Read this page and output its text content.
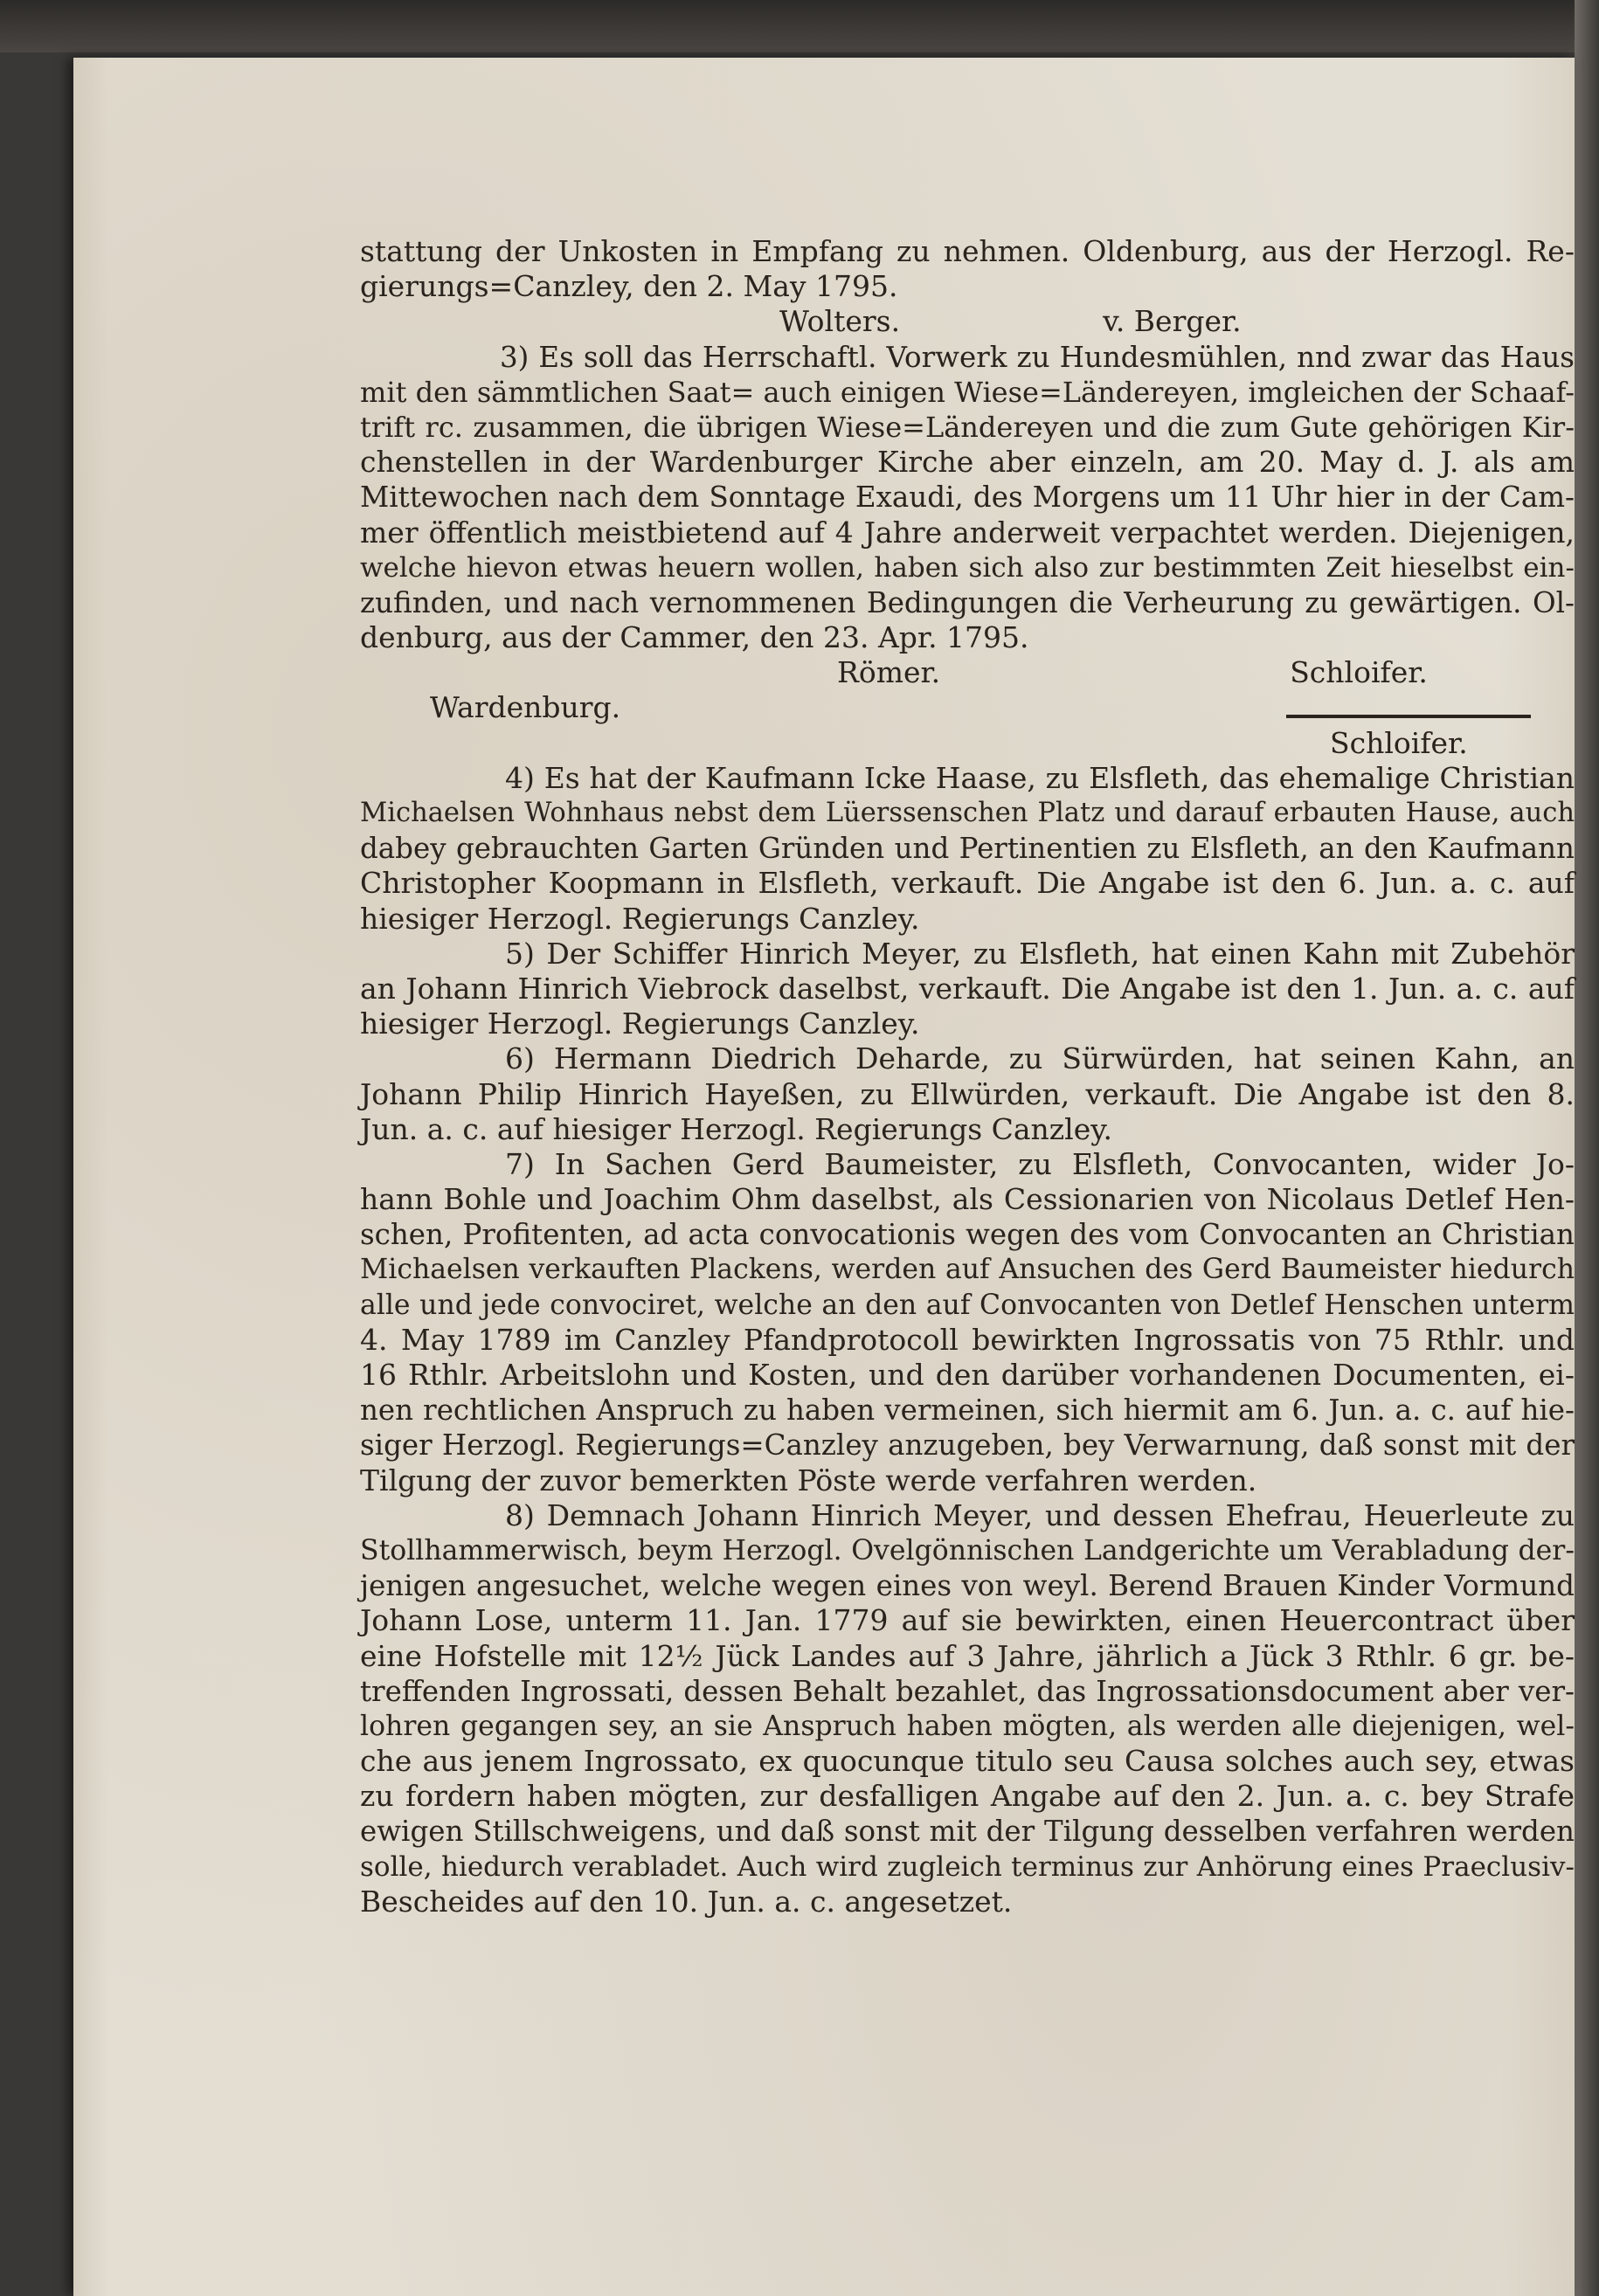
stattung der Unkosten in Empfang zu nehmen. Oldenburg, aus der Herzogl. Re-
gierungs=Canzley, den 2. May 1795.
Wolters.	v. Berger.
3) Es soll das Herrschaftl. Vorwerk zu Hundesmühlen, nnd zwar das Haus
mit den sämmtlichen Saat= auch einigen Wiese=Ländereyen, imgleichen der Schaaf-
trift rc. zusammen, die übrigen Wiese=Ländereyen und die zum Gute gehörigen Kir-
chenstellen in der Wardenburger Kirche aber einzeln, am 20. May d. J. als am
Mittewochen nach dem Sonntage Exaudi, des Morgens um 11 Uhr hier in der Cam-
mer öffentlich meistbietend auf 4 Jahre anderweit verpachtet werden. Diejenigen,
welche hievon etwas heuern wollen, haben sich also zur bestimmten Zeit hieselbst ein-
zufinden, und nach vernommenen Bedingungen die Verheurung zu gewärtigen. Ol-
denburg, aus der Cammer, den 23. Apr. 1795.
Römer.	Schloifer.
Wardenburg.
Schloifer.
4) Es hat der Kaufmann Icke Haase, zu Elsfleth, das ehemalige Christian
Michaelsen Wohnhaus nebst dem Lüerssenschen Platz und darauf erbauten Hause, auch
dabey gebrauchten Garten Gründen und Pertinentien zu Elsfleth, an den Kaufmann
Christopher Koopmann in Elsfleth, verkauft. Die Angabe ist den 6. Jun. a. c. auf
hiesiger Herzogl. Regierungs Canzley.
5) Der Schiffer Hinrich Meyer, zu Elsfleth, hat einen Kahn mit Zubehör
an Johann Hinrich Viebrock daselbst, verkauft. Die Angabe ist den 1. Jun. a. c. auf
hiesiger Herzogl. Regierungs Canzley.
6) Hermann Diedrich Deharde, zu Sürwürden, hat seinen Kahn, an
Johann Philip Hinrich Hayeßen, zu Ellwürden, verkauft. Die Angabe ist den 8.
Jun. a. c. auf hiesiger Herzogl. Regierungs Canzley.
7) In Sachen Gerd Baumeister, zu Elsfleth, Convocanten, wider Jo-
hann Bohle und Joachim Ohm daselbst, als Cessionarien von Nicolaus Detlef Hen-
schen, Profitenten, ad acta convocationis wegen des vom Convocanten an Christian
Michaelsen verkauften Plackens, werden auf Ansuchen des Gerd Baumeister hiedurch
alle und jede convociret, welche an den auf Convocanten von Detlef Henschen unterm
4. May 1789 im Canzley Pfandprotocoll bewirkten Ingrossatis von 75 Rthlr. und
16 Rthlr. Arbeitslohn und Kosten, und den darüber vorhandenen Documenten, ei-
nen rechtlichen Anspruch zu haben vermeinen, sich hiermit am 6. Jun. a. c. auf hie-
siger Herzogl. Regierungs=Canzley anzugeben, bey Verwarnung, daß sonst mit der
Tilgung der zuvor bemerkten Pöste werde verfahren werden.
8) Demnach Johann Hinrich Meyer, und dessen Ehefrau, Heuerleute zu
Stollhammerwisch, beym Herzogl. Ovelgönnischen Landgerichte um Verabladung der-
jenigen angesuchet, welche wegen eines von weyl. Berend Brauen Kinder Vormund
Johann Lose, unterm 11. Jan. 1779 auf sie bewirkten, einen Heuercontract über
eine Hofstelle mit 12½ Jück Landes auf 3 Jahre, jährlich a Jück 3 Rthlr. 6 gr. be-
treffenden Ingrossati, dessen Behalt bezahlet, das Ingrossationsdocument aber ver-
lohren gegangen sey, an sie Anspruch haben mögten, als werden alle diejenigen, wel-
che aus jenem Ingrossato, ex quocunque titulo seu Causa solches auch sey, etwas
zu fordern haben mögten, zur desfalligen Angabe auf den 2. Jun. a. c. bey Strafe
ewigen Stillschweigens, und daß sonst mit der Tilgung desselben verfahren werden
solle, hiedurch verabladet. Auch wird zugleich terminus zur Anhörung eines Praeclusiv-
Bescheides auf den 10. Jun. a. c. angesetzet.
